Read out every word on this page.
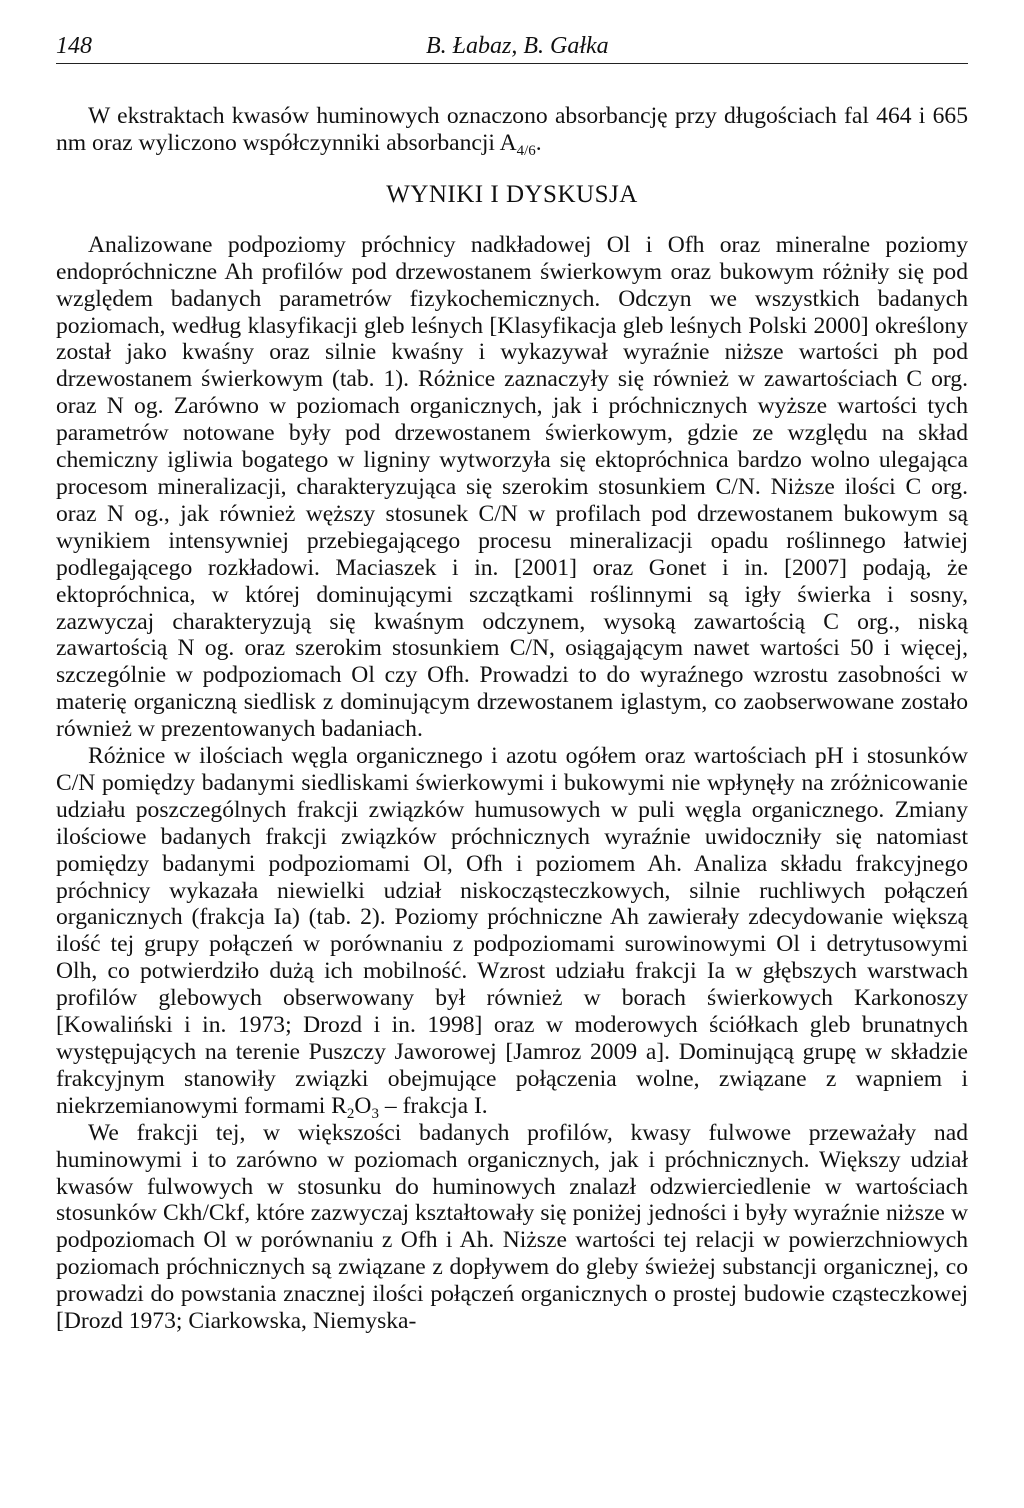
148	B. Łabaz, B. Gałka

W ekstraktach kwasów huminowych oznaczono absorbancję przy długościach fal 464 i 665 nm oraz wyliczono współczynniki absorbancji $A_{4/6}$.

WYNIKI I DYSKUSJA

Analizowane podpoziomy próchnicy nadkładowej Ol i Ofh oraz mineralne poziomy endopróchniczne Ah profilów pod drzewostanem świerkowym oraz bukowym różniły się pod względem badanych parametrów fizykochemicznych. Odczyn we wszystkich badanych poziomach, według klasyfikacji gleb leśnych [Klasyfikacja gleb leśnych Polski 2000] określony został jako kwaśny oraz silnie kwaśny i wykazywał wyraźnie niższe wartości ph pod drzewostanem świerkowym (tab. 1). Różnice zaznaczyły się również w zawartościach C org. oraz N og. Zarówno w poziomach organicznych, jak i próchnicznych wyższe wartości tych parametrów notowane były pod drzewostanem świerkowym, gdzie ze względu na skład chemiczny igliwia bogatego w ligniny wytworzyła się ektopróchnica bardzo wolno ulegająca procesom mineralizacji, charakteryzująca się szerokim stosunkiem C/N. Niższe ilości C org. oraz N og., jak również węższy stosunek C/N w profilach pod drzewostanem bukowym są wynikiem intensywniej przebiegającego procesu mineralizacji opadu roślinnego łatwiej podlegającego rozkładowi. Maciaszek i in. [2001] oraz Gonet i in. [2007] podają, że ektopróchnica, w której dominującymi szczątkami roślinnymi są igły świerka i sosny, zazwyczaj charakteryzują się kwaśnym odczynem, wysoką zawartością C org., niską zawartością N og. oraz szerokim stosunkiem C/N, osiągającym nawet wartości 50 i więcej, szczególnie w podpoziomach Ol czy Ofh. Prowadzi to do wyraźnego wzrostu zasobności w materię organiczną siedlisk z dominującym drzewostanem iglastym, co zaobserwowane zostało również w prezentowanych badaniach.

Różnice w ilościach węgla organicznego i azotu ogółem oraz wartościach pH i stosunków C/N pomiędzy badanymi siedliskami świerkowymi i bukowymi nie wpłynęły na zróżnicowanie udziału poszczególnych frakcji związków humusowych w puli węgla organicznego. Zmiany ilościowe badanych frakcji związków próchnicznych wyraźnie uwidoczniły się natomiast pomiędzy badanymi podpoziomami Ol, Ofh i poziomem Ah. Analiza składu frakcyjnego próchnicy wykazała niewielki udział niskocząsteczkowych, silnie ruchliwych połączeń organicznych (frakcja Ia) (tab. 2). Poziomy próchniczne Ah zawierały zdecydowanie większą ilość tej grupy połączeń w porównaniu z podpoziomami surowinowymi Ol i detrytusowymi Olh, co potwierdziło dużą ich mobilność. Wzrost udziału frakcji Ia w głębszych warstwach profilów glebowych obserwowany był również w borach świerkowych Karkonoszy [Kowaliński i in. 1973; Drozd i in. 1998] oraz w moderowych ściółkach gleb brunatnych występujących na terenie Puszczy Jaworowej [Jamroz 2009 a]. Dominującą grupę w składzie frakcyjnym stanowiły związki obejmujące połączenia wolne, związane z wapniem i niekrzemianowymi formami $R_2O_3$ – frakcja I.

We frakcji tej, w większości badanych profilów, kwasy fulwowe przeważały nad huminowymi i to zarówno w poziomach organicznych, jak i próchnicznych. Większy udział kwasów fulwowych w stosunku do huminowych znalazł odzwierciedlenie w wartościach stosunków Ckh/Ckf, które zazwyczaj kształtowały się poniżej jedności i były wyraźnie niższe w podpoziomach Ol w porównaniu z Ofh i Ah. Niższe wartości tej relacji w powierzchniowych poziomach próchnicznych są związane z dopływem do gleby świeżej substancji organicznej, co prowadzi do powstania znacznej ilości połączeń organicznych o prostej budowie cząsteczkowej [Drozd 1973; Ciarkowska, Niemyska-
